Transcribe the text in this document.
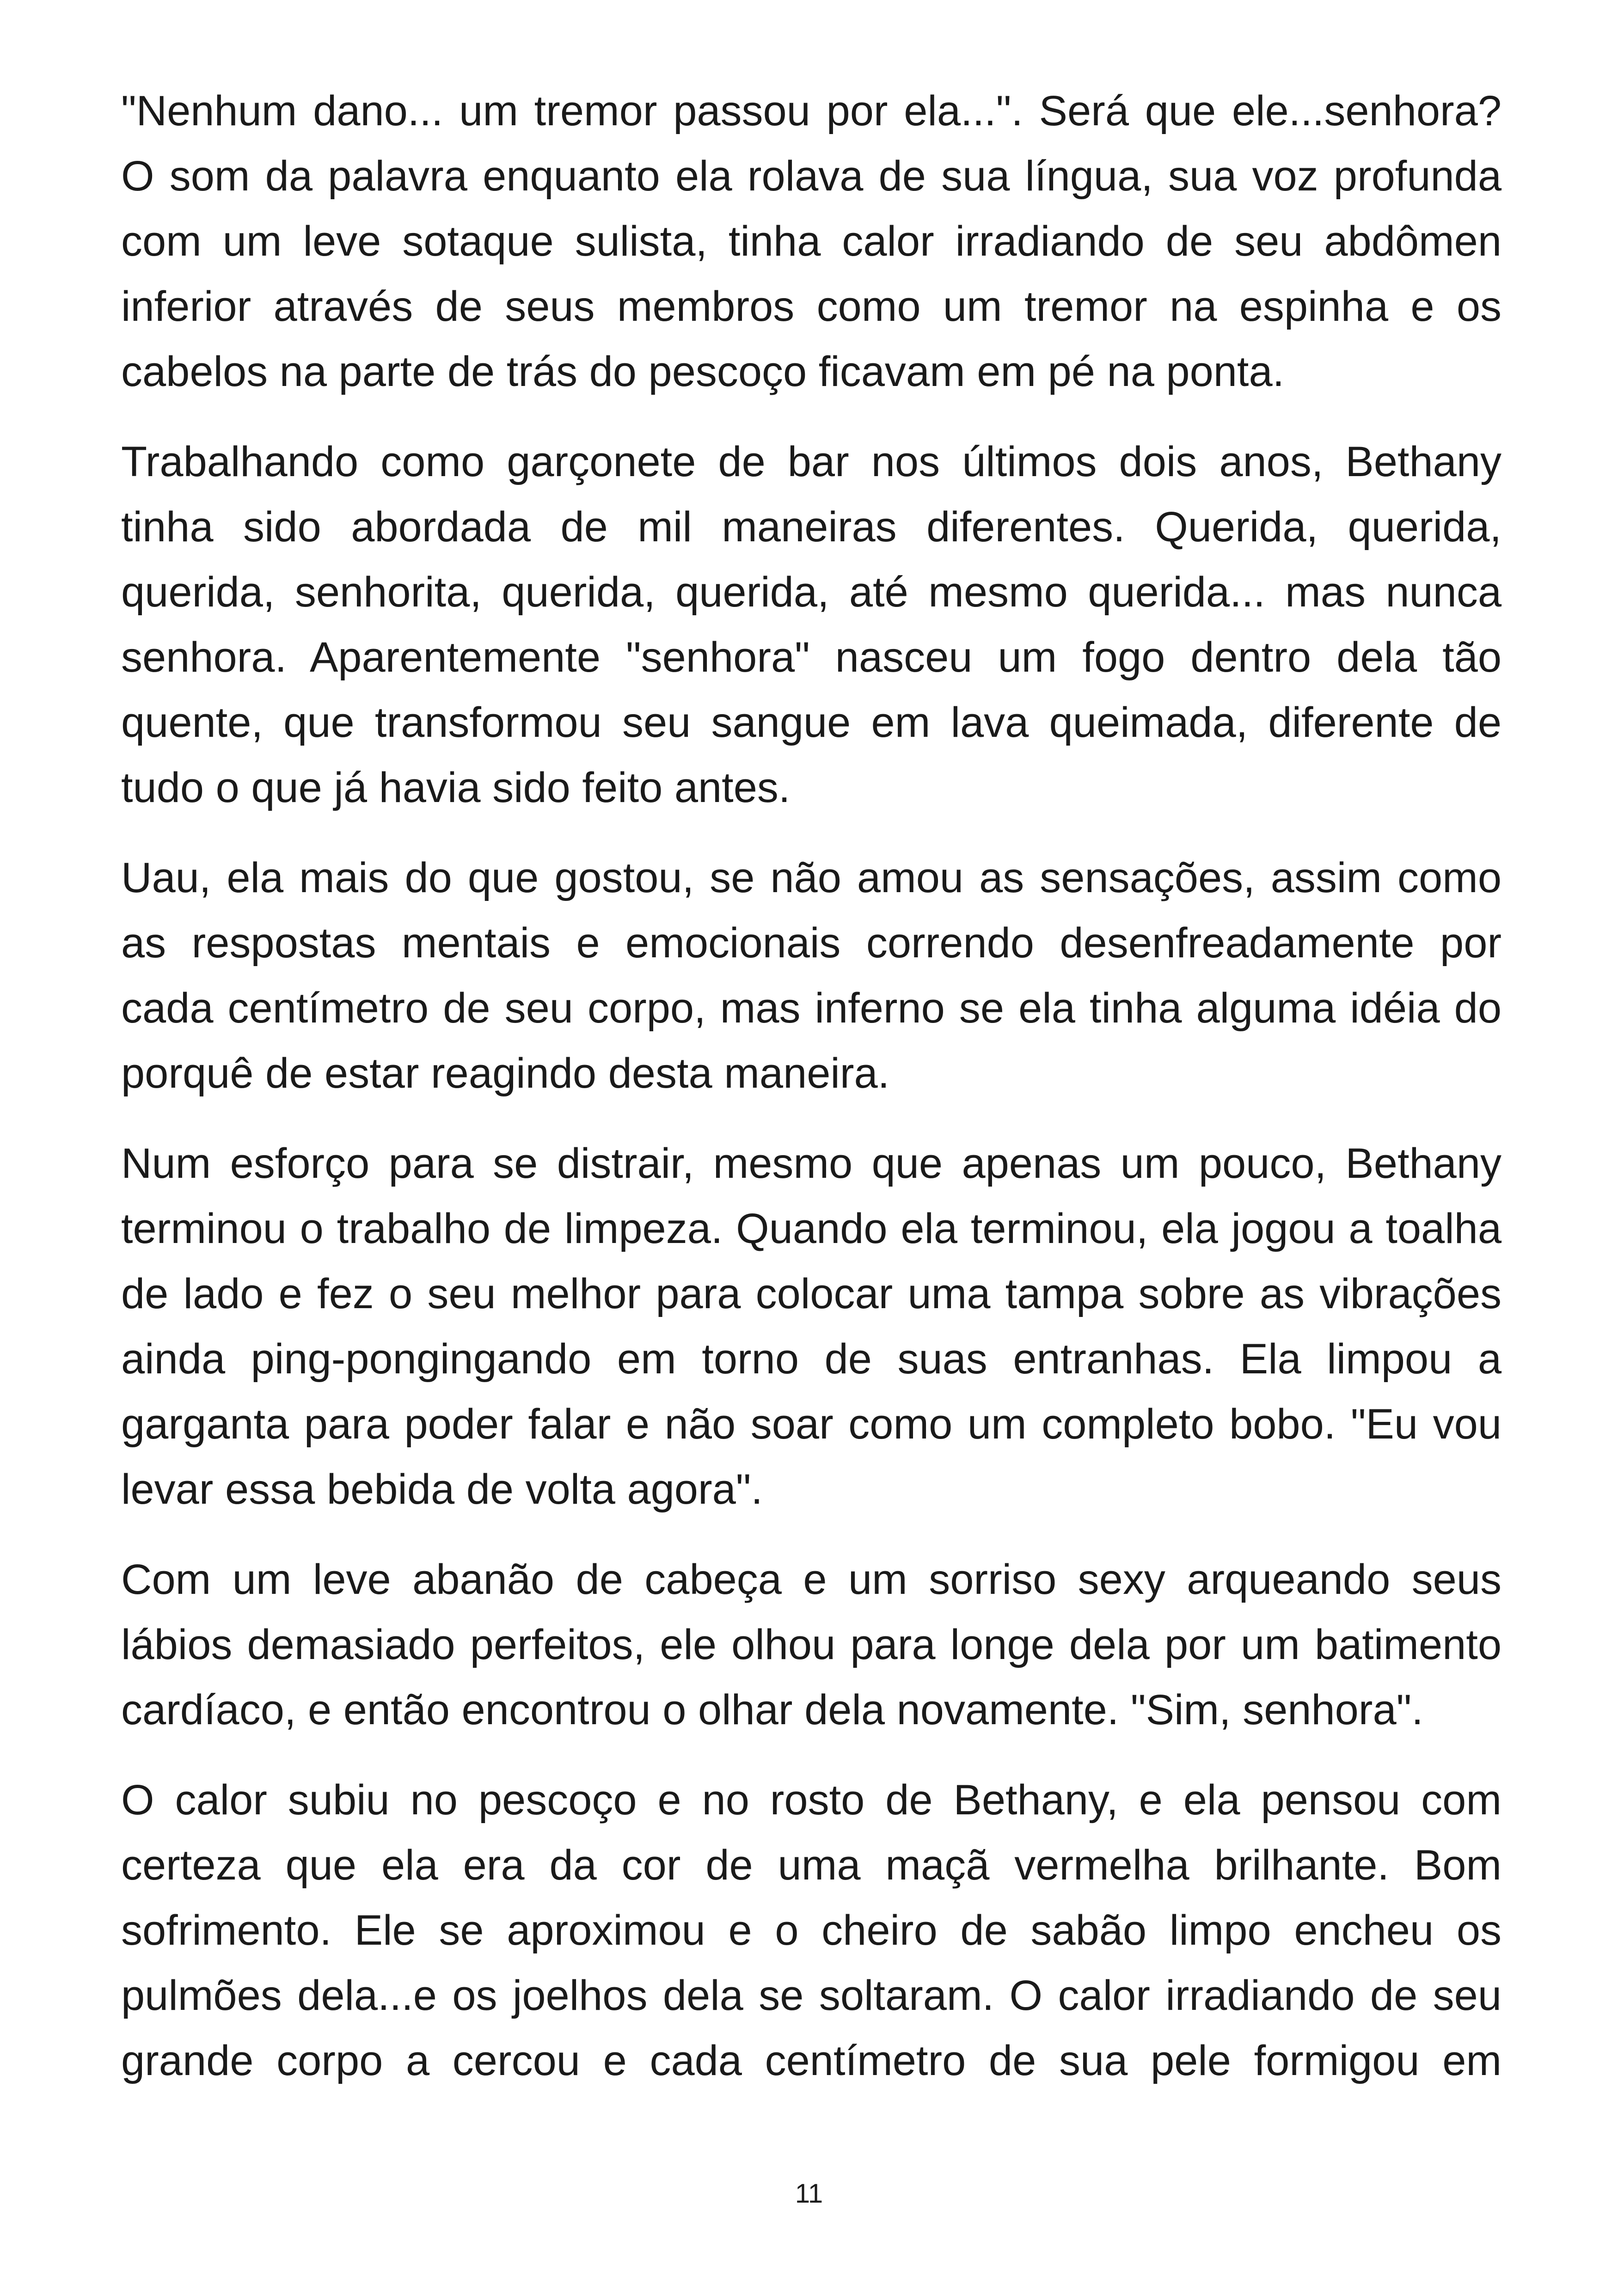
"Nenhum dano... um tremor passou por ela...". Será que ele...senhora? O som da palavra enquanto ela rolava de sua língua, sua voz profunda com um leve sotaque sulista, tinha calor irradiando de seu abdômen inferior através de seus membros como um tremor na espinha e os cabelos na parte de trás do pescoço ficavam em pé na ponta.

Trabalhando como garçonete de bar nos últimos dois anos, Bethany tinha sido abordada de mil maneiras diferentes. Querida, querida, querida, senhorita, querida, querida, até mesmo querida... mas nunca senhora. Aparentemente "senhora" nasceu um fogo dentro dela tão quente, que transformou seu sangue em lava queimada, diferente de tudo o que já havia sido feito antes.

Uau, ela mais do que gostou, se não amou as sensações, assim como as respostas mentais e emocionais correndo desenfreadamente por cada centímetro de seu corpo, mas inferno se ela tinha alguma idéia do porquê de estar reagindo desta maneira.

Num esforço para se distrair, mesmo que apenas um pouco, Bethany terminou o trabalho de limpeza. Quando ela terminou, ela jogou a toalha de lado e fez o seu melhor para colocar uma tampa sobre as vibrações ainda ping-pongingando em torno de suas entranhas. Ela limpou a garganta para poder falar e não soar como um completo bobo. "Eu vou levar essa bebida de volta agora".

Com um leve abanão de cabeça e um sorriso sexy arqueando seus lábios demasiado perfeitos, ele olhou para longe dela por um batimento cardíaco, e então encontrou o olhar dela novamente. "Sim, senhora".

O calor subiu no pescoço e no rosto de Bethany, e ela pensou com certeza que ela era da cor de uma maçã vermelha brilhante. Bom sofrimento. Ele se aproximou e o cheiro de sabão limpo encheu os pulmões dela...e os joelhos dela se soltaram. O calor irradiando de seu grande corpo a cercou e cada centímetro de sua pele formigou em

11
